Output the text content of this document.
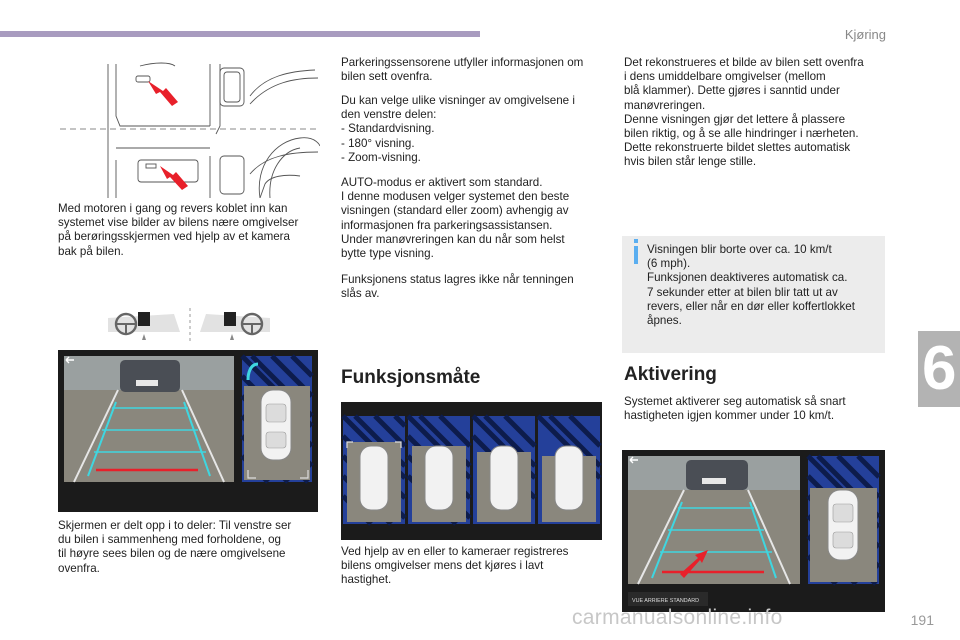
Kjøring
6
Med motoren i gang og revers koblet inn kan
systemet vise bilder av bilens nære omgivelser
på berøringsskjermen ved hjelp av et kamera
bak på bilen.
Skjermen er delt opp i to deler: Til venstre ser
du bilen i sammenheng med forholdene, og
til høyre sees bilen og de nære omgivelsene
ovenfra.
Parkeringssensorene utfyller informasjonen om
bilen sett ovenfra.
Du kan velge ulike visninger av omgivelsene i
den venstre delen:
- Standardvisning.
- 180° visning.
- Zoom-visning.
AUTO-modus er aktivert som standard.
I denne modusen velger systemet den beste
visningen (standard eller zoom) avhengig av
informasjonen fra parkeringsassistansen.
Under manøvreringen kan du når som helst
bytte type visning.
Funksjonens status lagres ikke når tenningen
slås av.
Funksjonsmåte
Ved hjelp av en eller to kameraer registreres
bilens omgivelser mens det kjøres i lavt
hastighet.
Det rekonstrueres et bilde av bilen sett ovenfra
i dens umiddelbare omgivelser (mellom
blå klammer). Dette gjøres i sanntid under
manøvreringen.
Denne visningen gjør det lettere å plassere
bilen riktig, og å se alle hindringer i nærheten.
Dette rekonstruerte bildet slettes automatisk
hvis bilen står lenge stille.
Visningen blir borte over ca. 10 km/t
(6 mph).
Funksjonen deaktiveres automatisk ca.
7 sekunder etter at bilen blir tatt ut av
revers, eller når en dør eller koffertlokket
åpnes.
Aktivering
Systemet aktiverer seg automatisk så snart
hastigheten igjen kommer under 10 km/t.
VUE ARRIERE STANDARD
carmanualsonline.info	191
